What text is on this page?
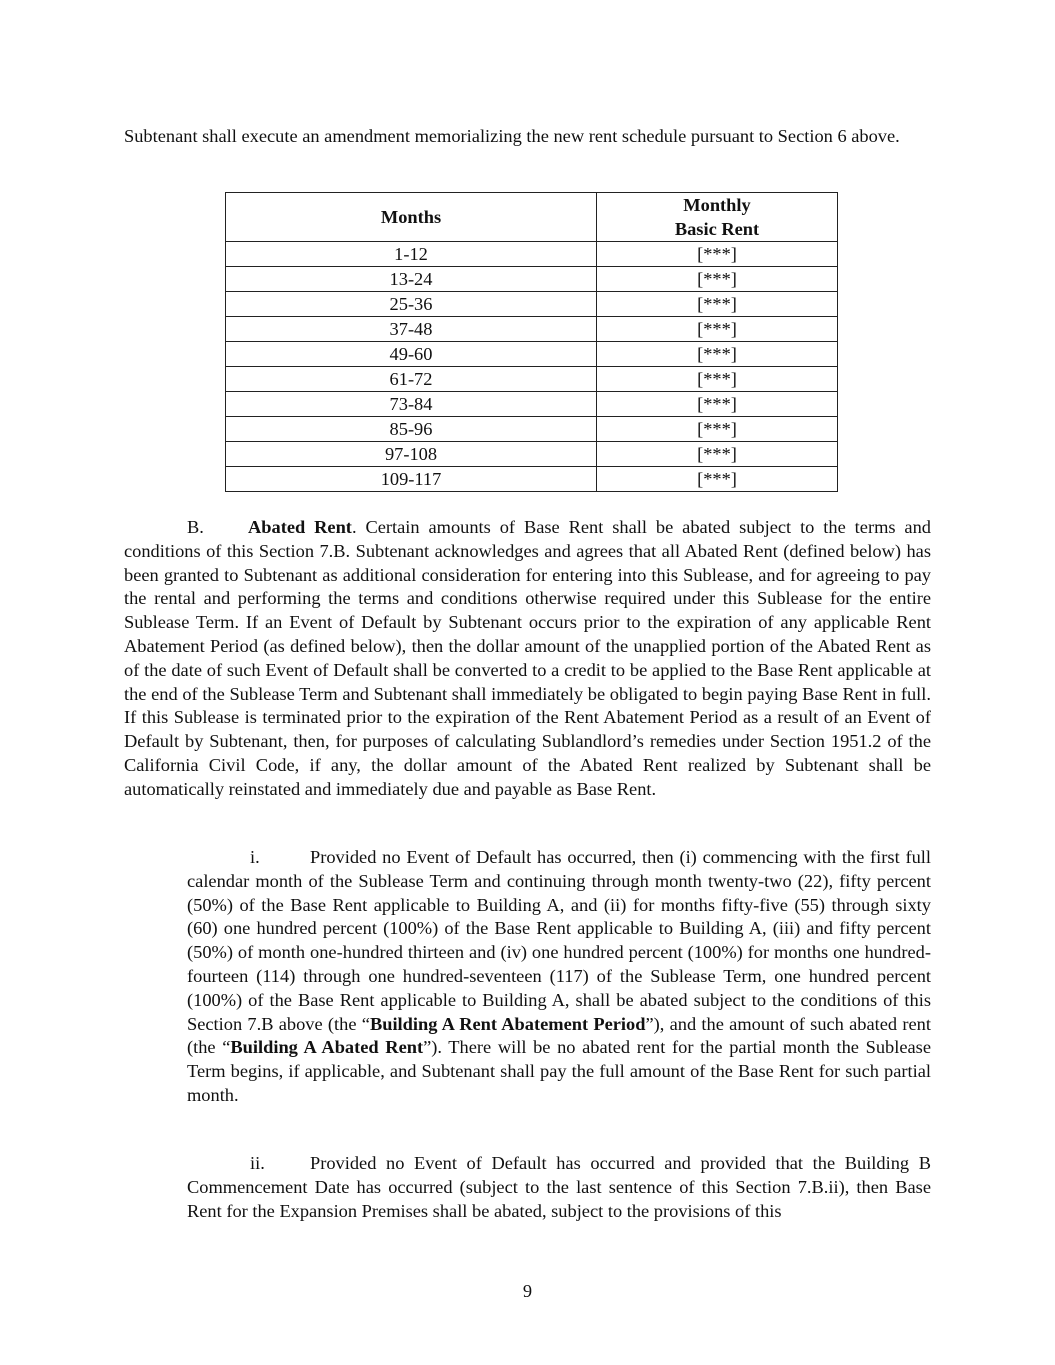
Subtenant shall execute an amendment memorializing the new rent schedule pursuant to Section 6 above.

Months	Monthly
Basic Rent
1-12	[***]
13-24	[***]
25-36	[***]
37-48	[***]
49-60	[***]
61-72	[***]
73-84	[***]
85-96	[***]
97-108	[***]
109-117	[***]

B. Abated Rent. Certain amounts of Base Rent shall be abated subject to the terms and conditions of this Section 7.B. Subtenant acknowledges and agrees that all Abated Rent (defined below) has been granted to Subtenant as additional consideration for entering into this Sublease, and for agreeing to pay the rental and performing the terms and conditions otherwise required under this Sublease for the entire Sublease Term. If an Event of Default by Subtenant occurs prior to the expiration of any applicable Rent Abatement Period (as defined below), then the dollar amount of the unapplied portion of the Abated Rent as of the date of such Event of Default shall be converted to a credit to be applied to the Base Rent applicable at the end of the Sublease Term and Subtenant shall immediately be obligated to begin paying Base Rent in full. If this Sublease is terminated prior to the expiration of the Rent Abatement Period as a result of an Event of Default by Subtenant, then, for purposes of calculating Sublandlord’s remedies under Section 1951.2 of the California Civil Code, if any, the dollar amount of the Abated Rent realized by Subtenant shall be automatically reinstated and immediately due and payable as Base Rent.

i.	Provided no Event of Default has occurred, then (i) commencing with the first full calendar month of the Sublease Term and continuing through month twenty-two (22), fifty percent (50%) of the Base Rent applicable to Building A, and (ii) for months fifty-five (55) through sixty (60) one hundred percent (100%) of the Base Rent applicable to Building A, (iii) and fifty percent (50%) of month one-hundred thirteen and (iv) one hundred percent (100%) for months one hundred-fourteen (114) through one hundred-seventeen (117) of the Sublease Term, one hundred percent (100%) of the Base Rent applicable to Building A, shall be abated subject to the conditions of this Section 7.B above (the “Building A Rent Abatement Period”), and the amount of such abated rent (the “Building A Abated Rent”). There will be no abated rent for the partial month the Sublease Term begins, if applicable, and Subtenant shall pay the full amount of the Base Rent for such partial month.

ii. Provided no Event of Default has occurred and provided that the Building B Commencement Date has occurred (subject to the last sentence of this Section 7.B.ii), then Base Rent for the Expansion Premises shall be abated, subject to the provisions of this

9
